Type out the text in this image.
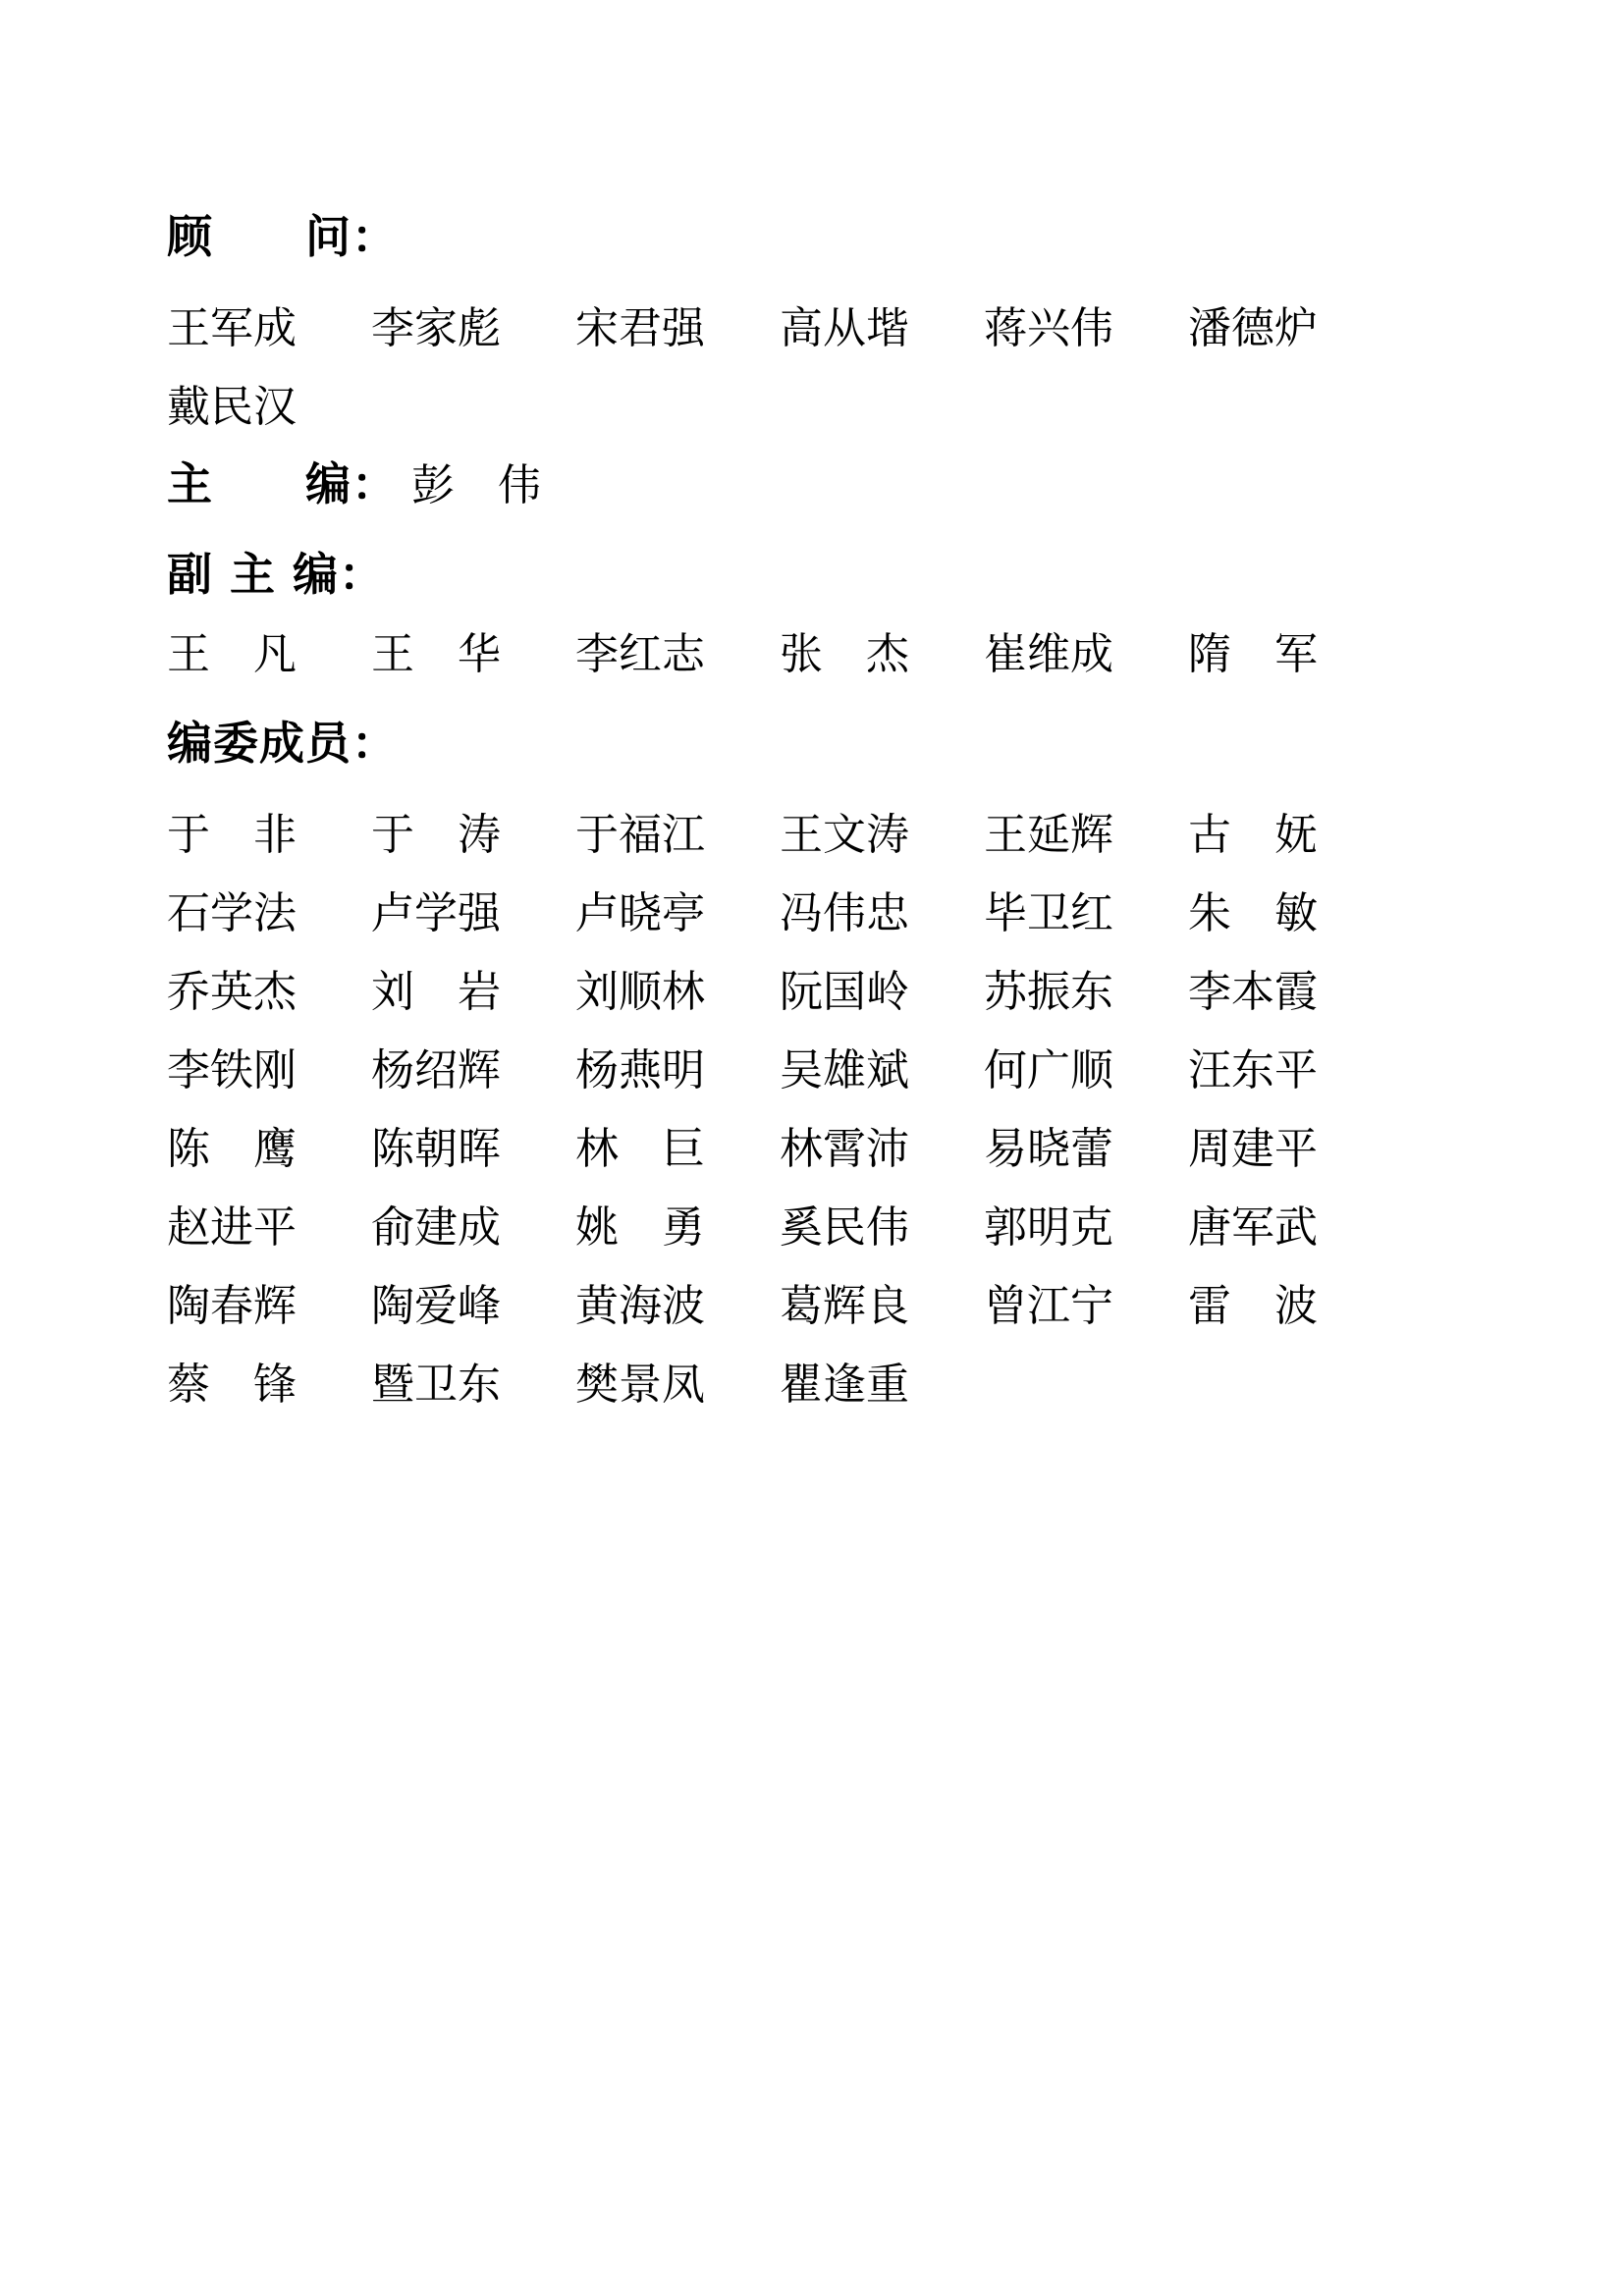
顾　　问：
王军成 李家彪 宋君强 高从堦 蒋兴伟 潘德炉
戴民汉
主　　编： 彭　伟
副 主 编：
王　凡 王　华 李红志 张　杰 崔维成 隋　军
编委成员：
于　非 于　涛 于福江 王文涛 王延辉 古　妩
石学法 卢学强 卢晓亭 冯伟忠 毕卫红 朱　敏
乔英杰 刘　岩 刘顺林 阮国岭 苏振东 李本霞
李铁刚 杨绍辉 杨燕明 吴雄斌 何广顺 汪东平
陈　鹰 陈朝晖 林　巨 林霄沛 易晓蕾 周建平
赵进平 俞建成 姚　勇 奚民伟 郭明克 唐军武
陶春辉 陶爱峰 黄海波 葛辉良 曾江宁 雷　波
蔡　锋 暨卫东 樊景凤 瞿逢重
